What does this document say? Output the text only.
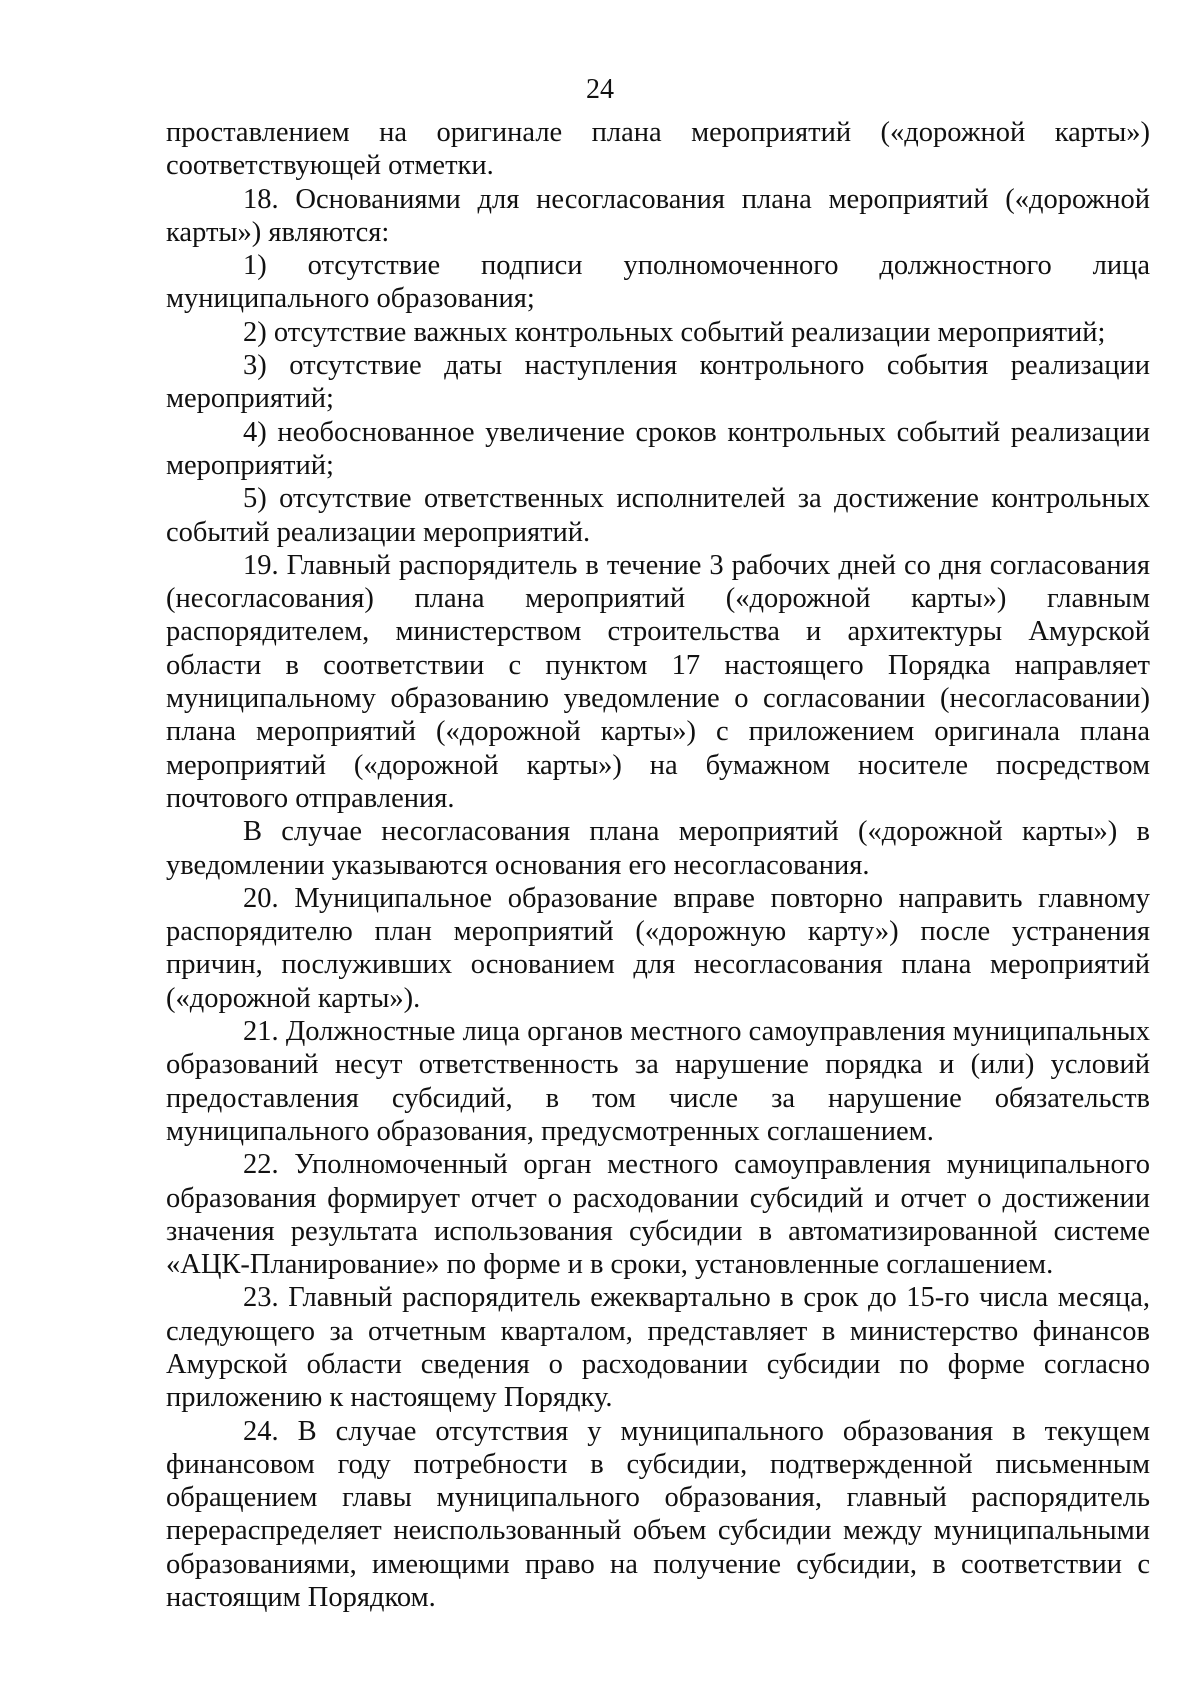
24

проставлением на оригинале плана мероприятий («дорожной карты») соответствующей отметки.

18. Основаниями для несогласования плана мероприятий («дорожной карты») являются:

1) отсутствие подписи уполномоченного должностного лица муниципального образования;

2) отсутствие важных контрольных событий реализации мероприятий;

3) отсутствие даты наступления контрольного события реализации мероприятий;

4) необоснованное увеличение сроков контрольных событий реализации мероприятий;

5) отсутствие ответственных исполнителей за достижение контрольных событий реализации мероприятий.

19. Главный распорядитель в течение 3 рабочих дней со дня согласования (несогласования) плана мероприятий («дорожной карты») главным распорядителем, министерством строительства и архитектуры Амурской области в соответствии с пунктом 17 настоящего Порядка направляет муниципальному образованию уведомление о согласовании (несогласовании) плана мероприятий («дорожной карты») с приложением оригинала плана мероприятий («дорожной карты») на бумажном носителе посредством почтового отправления.

В случае несогласования плана мероприятий («дорожной карты») в уведомлении указываются основания его несогласования.

20. Муниципальное образование вправе повторно направить главному распорядителю план мероприятий («дорожную карту») после устранения причин, послуживших основанием для несогласования плана мероприятий («дорожной карты»).

21. Должностные лица органов местного самоуправления муниципальных образований несут ответственность за нарушение порядка и (или) условий предоставления субсидий, в том числе за нарушение обязательств муниципального образования, предусмотренных соглашением.

22. Уполномоченный орган местного самоуправления муниципального образования формирует отчет о расходовании субсидий и отчет о достижении значения результата использования субсидии в автоматизированной системе «АЦК-Планирование» по форме и в сроки, установленные соглашением.

23. Главный распорядитель ежеквартально в срок до 15-го числа месяца, следующего за отчетным кварталом, представляет в министерство финансов Амурской области сведения о расходовании субсидии по форме согласно приложению к настоящему Порядку.

24. В случае отсутствия у муниципального образования в текущем финансовом году потребности в субсидии, подтвержденной письменным обращением главы муниципального образования, главный распорядитель перераспределяет неиспользованный объем субсидии между муниципальными образованиями, имеющими право на получение субсидии, в соответствии с настоящим Порядком.
